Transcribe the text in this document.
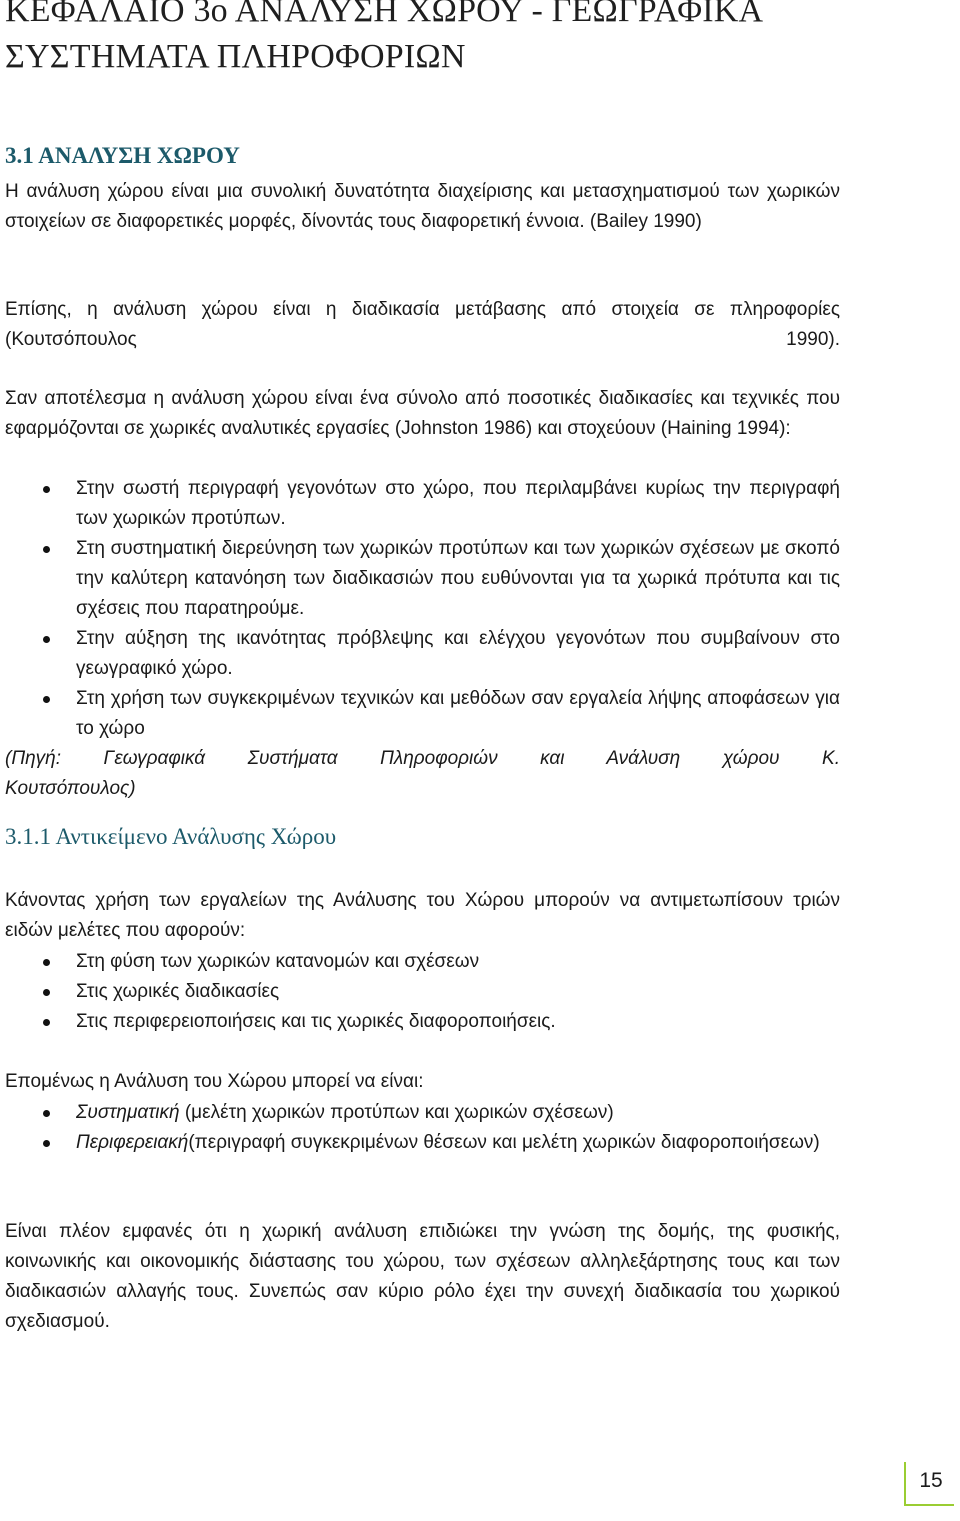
ΚΕΦΑΛΑΙΟ 3ο ΑΝΑΛΥΣΗ ΧΩΡΟΥ - ΓΕΩΓΡΑΦΙΚΑ ΣΥΣΤΗΜΑΤΑ ΠΛΗΡΟΦΟΡΙΩΝ
3.1 ΑΝΑΛΥΣΗ ΧΩΡΟΥ

Η ανάλυση χώρου είναι μια συνολική δυνατότητα διαχείρισης και μετασχηματισμού των χωρικών στοιχείων σε διαφορετικές μορφές, δίνοντάς τους διαφορετική έννοια. (Bailey 1990)

Επίσης, η ανάλυση χώρου είναι η διαδικασία μετάβασης από στοιχεία σε πληροφορίες (Κουτσόπουλος 1990).

Σαν αποτέλεσμα η ανάλυση χώρου είναι ένα σύνολο από ποσοτικές διαδικασίες και τεχνικές που εφαρμόζονται σε χωρικές αναλυτικές εργασίες (Johnston 1986) και στοχεύουν (Haining 1994):

Στην σωστή περιγραφή γεγονότων στο χώρο, που περιλαμβάνει κυρίως την περιγραφή των χωρικών προτύπων.
Στη συστηματική διερεύνηση των χωρικών προτύπων και των χωρικών σχέσεων με σκοπό την καλύτερη κατανόηση των διαδικασιών που ευθύνονται για τα χωρικά πρότυπα και τις σχέσεις που παρατηρούμε.
Στην αύξηση της ικανότητας πρόβλεψης και ελέγχου γεγονότων που συμβαίνουν στο γεωγραφικό χώρο.
Στη χρήση των συγκεκριμένων τεχνικών και μεθόδων σαν εργαλεία λήψης αποφάσεων για το χώρο

(Πηγή: Γεωγραφικά Συστήματα Πληροφοριών και Ανάλυση χώρου Κ.
Κουτσόπουλος)

3.1.1 Αντικείμενο Ανάλυσης Χώρου

Κάνοντας χρήση των εργαλείων της Ανάλυσης του Χώρου μπορούν να αντιμετωπίσουν τριών ειδών μελέτες που αφορούν:

Στη φύση των χωρικών κατανομών και σχέσεων
Στις χωρικές διαδικασίες
Στις περιφερειοποιήσεις και τις χωρικές διαφοροποιήσεις.

Επομένως η Ανάλυση του Χώρου μπορεί να είναι:

Συστηματική (μελέτη χωρικών προτύπων και χωρικών σχέσεων)
Περιφερειακή(περιγραφή συγκεκριμένων θέσεων και μελέτη χωρικών διαφοροποιήσεων)

Είναι πλέον εμφανές ότι η χωρική ανάλυση επιδιώκει την γνώση της δομής, της φυσικής, κοινωνικής και οικονομικής διάστασης του χώρου, των σχέσεων αλληλεξάρτησης τους και των διαδικασιών αλλαγής τους. Συνεπώς σαν κύριο ρόλο έχει την συνεχή διαδικασία του χωρικού σχεδιασμού.

15
